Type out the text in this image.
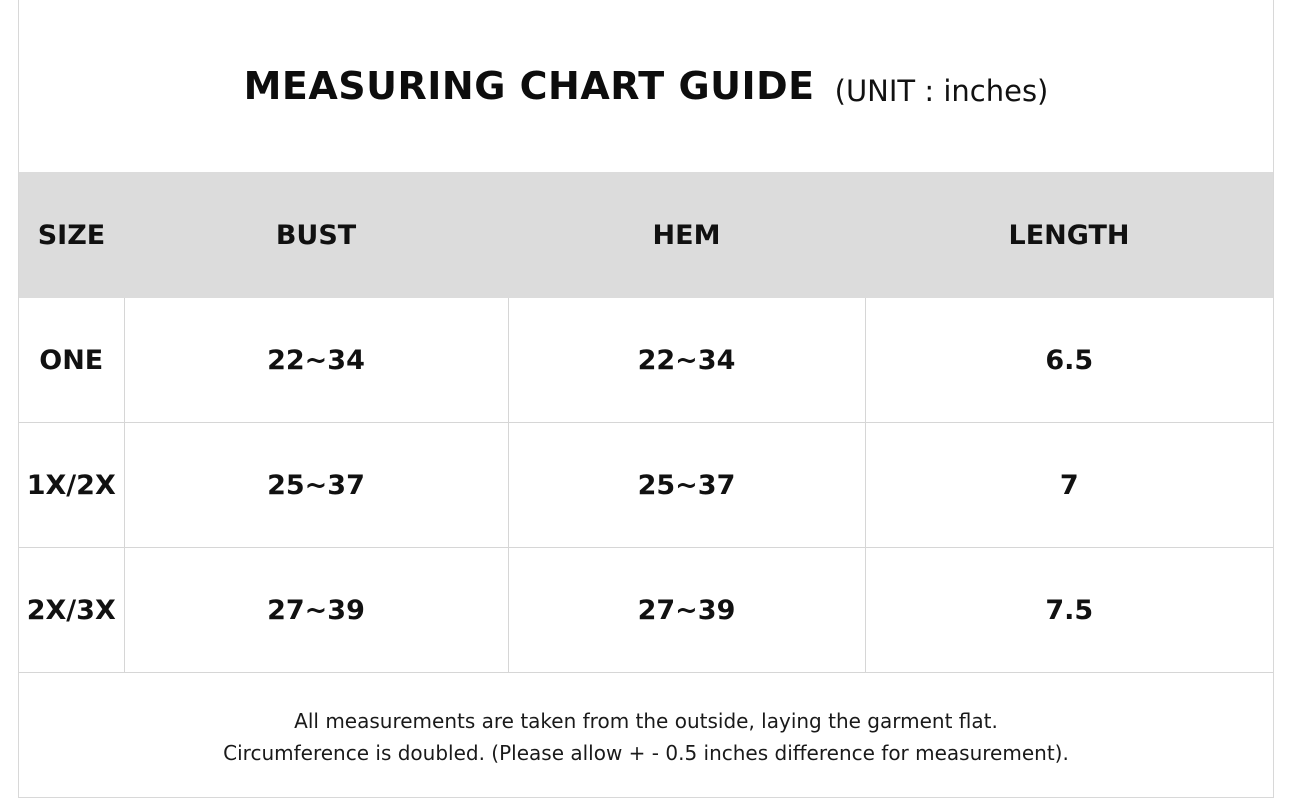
MEASURING CHART GUIDE (UNIT : inches)
SIZE	BUST	HEM	LENGTH
ONE	22~34	22~34	6.5
1X/2X	25~37	25~37	7
2X/3X	27~39	27~39	7.5
All measurements are taken from the outside, laying the garment flat.
Circumference is doubled. (Please allow + - 0.5 inches difference for measurement).
